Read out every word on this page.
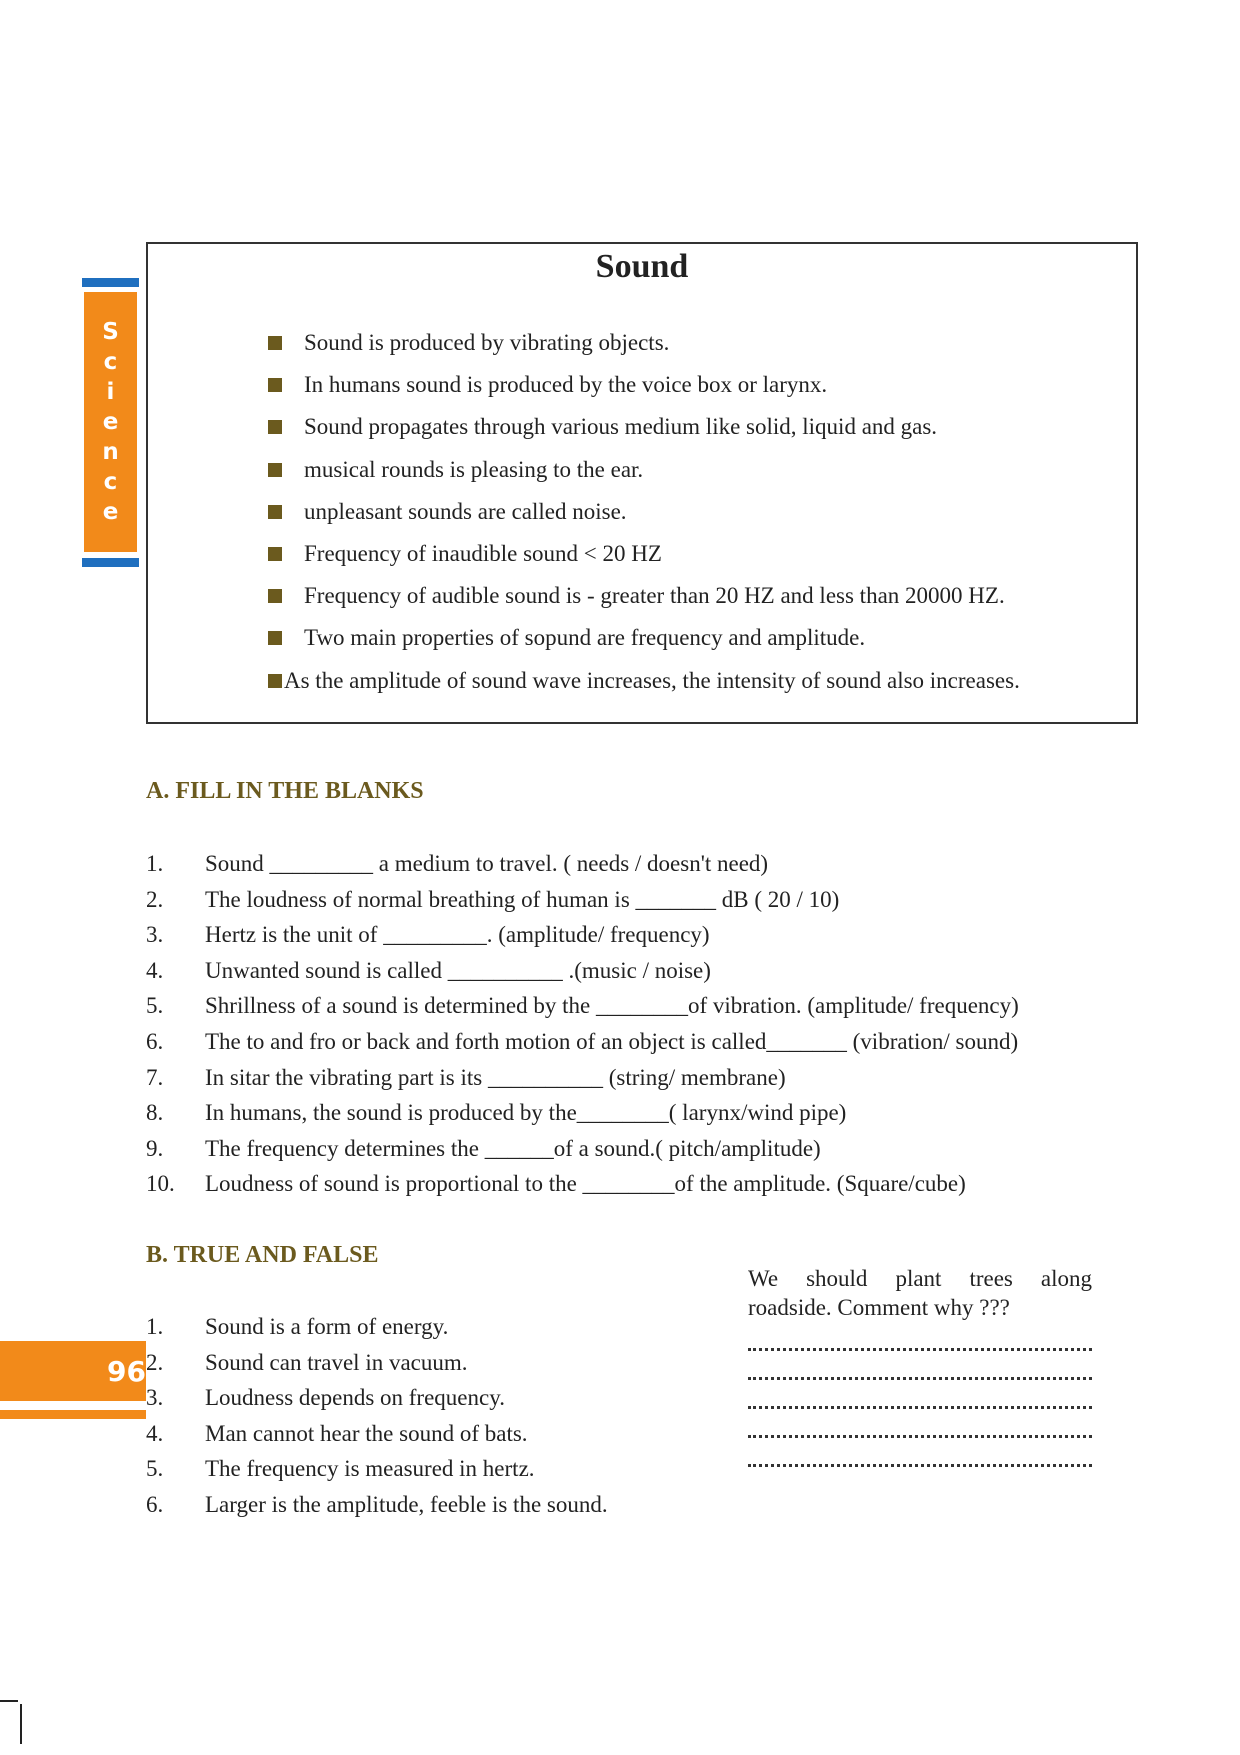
S
c
i
e
n
c
e
Sound
Sound is produced by vibrating objects.
In humans sound is produced by the voice box or larynx.
Sound propagates through various medium like solid, liquid and gas.
musical rounds is pleasing to the ear.
unpleasant sounds are called noise.
Frequency of inaudible sound < 20 HZ
Frequency of audible sound is - greater than 20 HZ and less than 20000 HZ.
Two main properties of sopund are frequency and amplitude.
As the amplitude of sound wave increases, the intensity of sound also increases.
A. FILL IN THE BLANKS
1.	Sound _________ a medium to travel. ( needs / doesn't need)
2.	The loudness of normal breathing of human is _______ dB ( 20 / 10)
3.	Hertz is the unit of _________. (amplitude/ frequency)
4.	Unwanted sound is called __________ .(music / noise)
5.	Shrillness of a sound is determined by the ________of vibration. (amplitude/ frequency)
6.	The to and fro or back and forth motion of an object is called_______ (vibration/ sound)
7.	In sitar the vibrating part is its __________ (string/ membrane)
8.	In humans, the sound is produced by the________( larynx/wind pipe)
9.	The frequency determines the ______of a sound.( pitch/amplitude)
10.	Loudness of sound is proportional to the ________of the amplitude. (Square/cube)
B. TRUE AND FALSE
1.	Sound is a form of energy.
2.	Sound can travel in vacuum.
3.	Loudness depends on frequency.
4.	Man cannot hear the sound of bats.
5.	The frequency is measured in hertz.
6.	Larger is the amplitude, feeble is the sound.

We should plant trees along

roadside. Comment why ???

96
